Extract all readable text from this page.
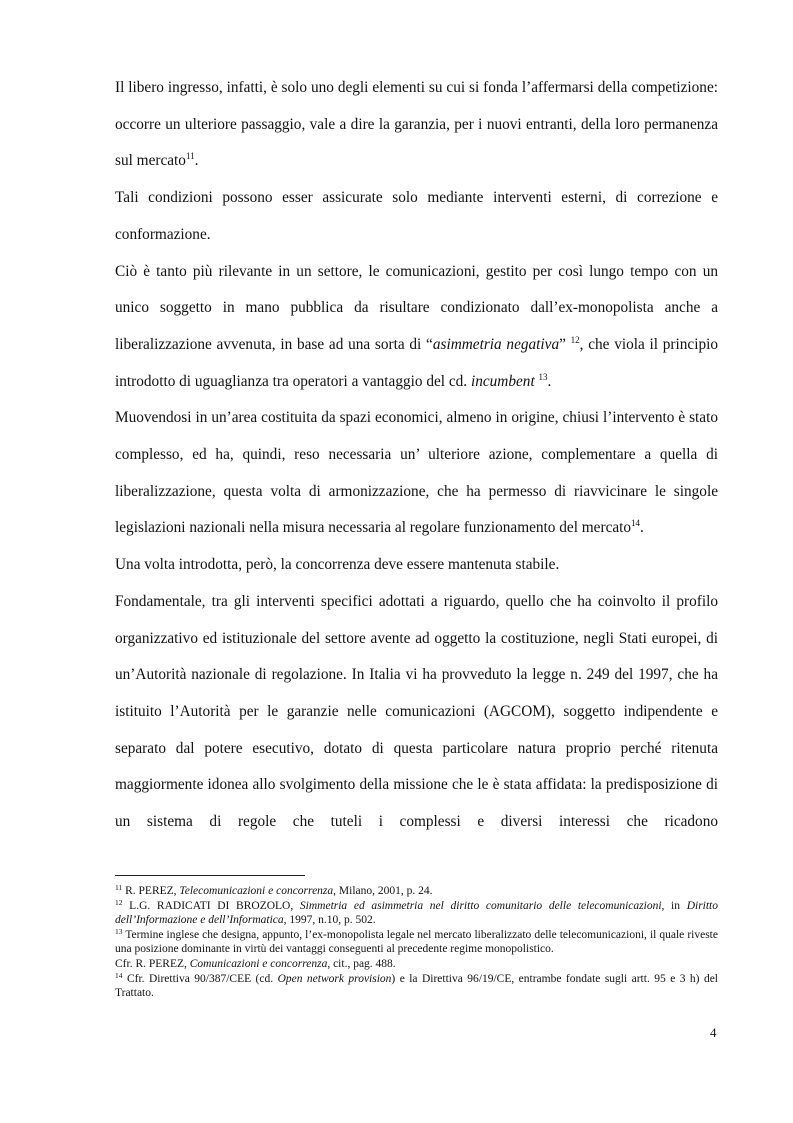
Il libero ingresso, infatti, è solo uno degli elementi su cui si fonda l’affermarsi della competizione: occorre un ulteriore passaggio, vale a dire la garanzia, per i nuovi entranti, della loro permanenza sul mercato$^{11}$.

Tali condizioni possono esser assicurate solo mediante interventi esterni, di correzione e conformazione.

Ciò è tanto più rilevante in un settore, le comunicazioni, gestito per così lungo tempo con un unico soggetto in mano pubblica da risultare condizionato dall’ex-monopolista anche a liberalizzazione avvenuta, in base ad una sorta di “asimmetria negativa” $^{12}$, che viola il principio introdotto di uguaglianza tra operatori a vantaggio del cd. incumbent $^{13}$.

Muovendosi in un’area costituita da spazi economici, almeno in origine, chiusi l’intervento è stato complesso, ed ha, quindi, reso necessaria un’ ulteriore azione, complementare a quella di liberalizzazione, questa volta di armonizzazione, che ha permesso di riavvicinare le singole legislazioni nazionali nella misura necessaria al regolare funzionamento del mercato$^{14}$.

Una volta introdotta, però, la concorrenza deve essere mantenuta stabile.

Fondamentale, tra gli interventi specifici adottati a riguardo, quello che ha coinvolto il profilo organizzativo ed istituzionale del settore avente ad oggetto la costituzione, negli Stati europei, di un’Autorità nazionale di regolazione. In Italia vi ha provveduto la legge n. 249 del 1997, che ha istituito l’Autorità per le garanzie nelle comunicazioni (AGCOM), soggetto indipendente e separato dal potere esecutivo, dotato di questa particolare natura proprio perché ritenuta maggiormente idonea allo svolgimento della missione che le è stata affidata: la predisposizione di un sistema di regole che tuteli i complessi e diversi interessi che ricadono

$^{11}$ R. PEREZ, Telecomunicazioni e concorrenza, Milano, 2001, p. 24.

$^{12}$ L.G. RADICATI DI BROZOLO, Simmetria ed asimmetria nel diritto comunitario delle telecomunicazioni, in Diritto dell’Informazione e dell’Informatica, 1997, n.10, p. 502.

$^{13}$ Termine inglese che designa, appunto, l’ex-monopolista legale nel mercato liberalizzato delle telecomunicazioni, il quale riveste una posizione dominante in virtù dei vantaggi conseguenti al precedente regime monopolistico.

Cfr. R. PEREZ, Comunicazioni e concorrenza, cit., pag. 488.

$^{14}$ Cfr. Direttiva 90/387/CEE (cd. Open network provision) e la Direttiva 96/19/CE, entrambe fondate sugli artt. 95 e 3 h) del Trattato.

4
